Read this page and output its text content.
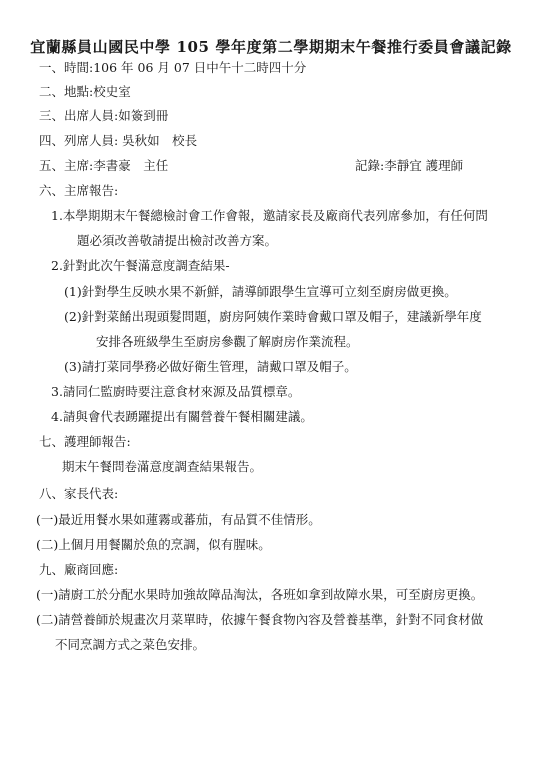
宜蘭縣員山國民中學 105 學年度第二學期期末午餐推行委員會議記錄
一、時間:106 年 06 月 07 日中午十二時四十分
二、地點:校史室
三、出席人員:如簽到冊
四、列席人員: 吳秋如　校長
五、主席:李書豪　主任	記錄:李靜宜 護理師
六、主席報告:
1.本學期期末午餐總檢討會工作會報，邀請家長及廠商代表列席參加，有任何問
題必須改善敬請提出檢討改善方案。
2.針對此次午餐滿意度調查結果-
(1)針對學生反映水果不新鮮，請導師跟學生宣導可立刻至廚房做更換。
(2)針對菜餚出現頭髮問題，廚房阿姨作業時會戴口罩及帽子，建議新學年度
安排各班級學生至廚房參觀了解廚房作業流程。
(3)請打菜同學務必做好衛生管理，請戴口罩及帽子。
3.請同仁監廚時要注意食材來源及品質標章。
4.請與會代表踴躍提出有關營養午餐相關建議。
七、護理師報告:
期末午餐問卷滿意度調查結果報告。
八、家長代表:
(一)最近用餐水果如蓮霧或蕃茄，有品質不佳情形。
(二)上個月用餐關於魚的烹調，似有腥味。
九、廠商回應:
(一)請廚工於分配水果時加強故障品淘汰，各班如拿到故障水果，可至廚房更換。
(二)請營養師於規畫次月菜單時，依據午餐食物內容及營養基準，針對不同食材做
不同烹調方式之菜色安排。
